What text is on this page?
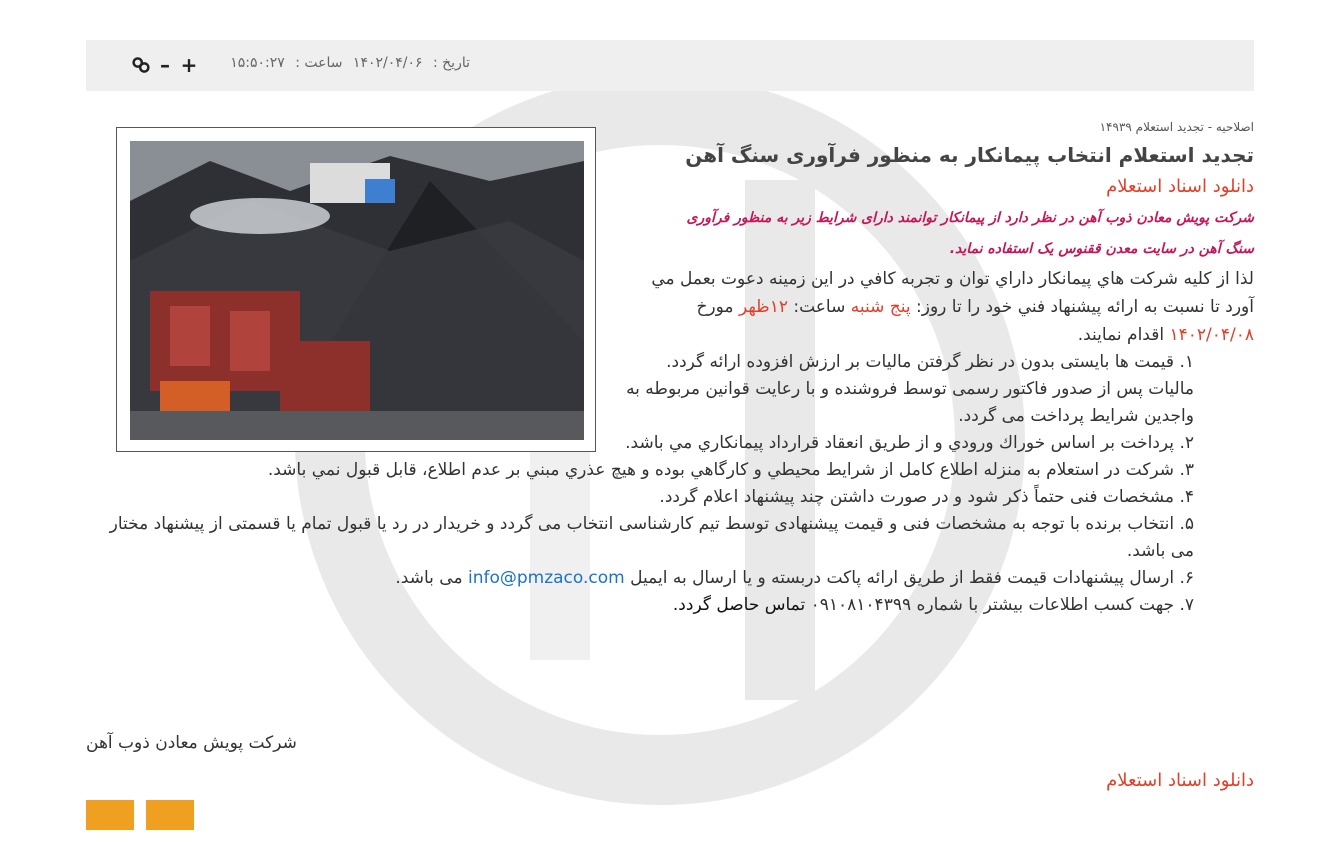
تاریخ : ۱۴۰۲/۰۴/۰۶ ساعت : ۱۵:۵۰:۲۷
– +

اصلاحیه - تجدید استعلام ۱۴۹۳۹

تجدید استعلام انتخاب پیمانکار به منظور فرآوری سنگ آهن
دانلود اسناد استعلام

شرکت پویش معادن ذوب آهن در نظر دارد از پیمانکار توانمند دارای شرایط زیر به منظور فرآوری سنگ آهن در سایت معدن ققنوس یک استفاده نماید.

لذا از کلیه شرکت هاي پیمانکار داراي توان و تجربه کافي در این زمینه دعوت بعمل مي آورد تا نسبت به ارائه پیشنهاد فني خود را تا روز: پنج شنبه ساعت: ۱۲ظهر مورخ ۱۴۰۲/۰۴/۰۸ اقدام نمایند.

۱. قیمت ها بایستی بدون در نظر گرفتن مالیات بر ارزش افزوده ارائه گردد. مالیات پس از صدور فاکتور رسمی توسط فروشنده و با رعایت قوانین مربوطه به واجدین شرایط پرداخت می گردد.
۲. پرداخت بر اساس خوراك ورودي و از طريق انعقاد قرارداد پيمانكاري مي باشد.
۳. شركت در استعلام به منزله اطلاع كامل از شرايط محيطي و كارگاهي بوده و هيچ عذري مبني بر عدم اطلاع، قابل قبول نمي باشد.
۴. مشخصات فنی حتماً ذکر شود و در صورت داشتن چند پیشنهاد اعلام گردد.
۵. انتخاب برنده با توجه به مشخصات فنی و قیمت پیشنهادی توسط تیم کارشناسی انتخاب می گردد و خریدار در رد یا قبول تمام یا قسمتی از پیشنهاد مختار می باشد.
۶. ارسال پیشنهادات قیمت فقط از طریق ارائه پاکت دربسته و یا ارسال به ایمیل info@pmzaco.com می باشد.
۷. جهت کسب اطلاعات بیشتر با شماره ۰۹۱۰۸۱۰۴۳۹۹ تماس حاصل گردد.
شرکت پویش معادن ذوب آهن
دانلود اسناد استعلام
